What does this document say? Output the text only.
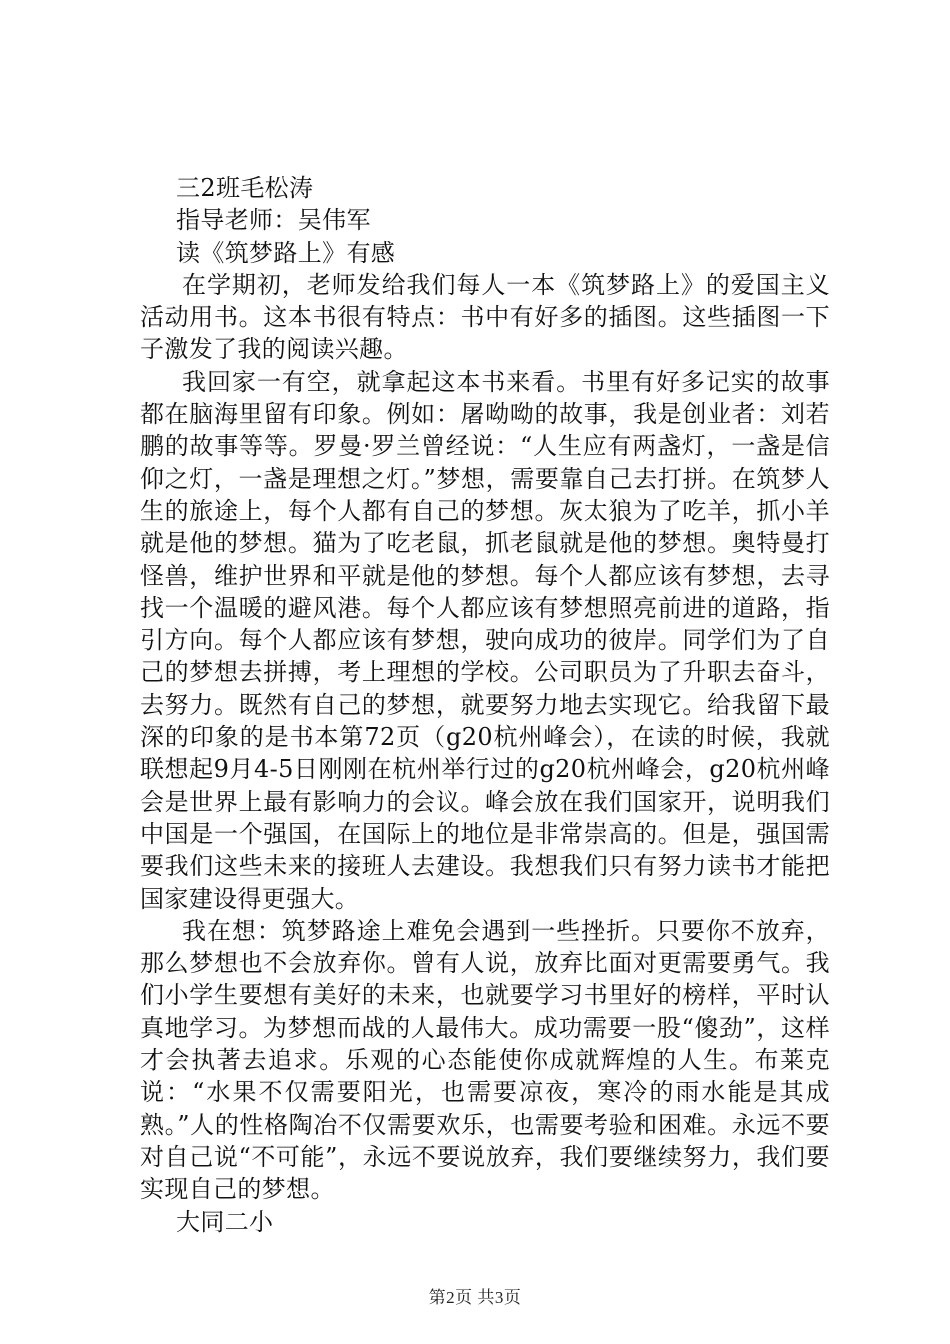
三2班毛松涛

指导老师：吴伟军

读《筑梦路上》有感

在学期初，老师发给我们每人一本《筑梦路上》的爱国主义活动用书。这本书很有特点：书中有好多的插图。这些插图一下子激发了我的阅读兴趣。

我回家一有空，就拿起这本书来看。书里有好多记实的故事都在脑海里留有印象。例如：屠呦呦的故事，我是创业者：刘若鹏的故事等等。罗曼·罗兰曾经说：“人生应有两盏灯，一盏是信仰之灯，一盏是理想之灯。”梦想，需要靠自己去打拼。在筑梦人生的旅途上，每个人都有自己的梦想。灰太狼为了吃羊，抓小羊就是他的梦想。猫为了吃老鼠，抓老鼠就是他的梦想。奥特曼打怪兽，维护世界和平就是他的梦想。每个人都应该有梦想，去寻找一个温暖的避风港。每个人都应该有梦想照亮前进的道路，指引方向。每个人都应该有梦想，驶向成功的彼岸。同学们为了自己的梦想去拼搏，考上理想的学校。公司职员为了升职去奋斗，去努力。既然有自己的梦想，就要努力地去实现它。给我留下最深的印象的是书本第72页（g20杭州峰会），在读的时候，我就联想起9月4-5日刚刚在杭州举行过的g20杭州峰会，g20杭州峰会是世界上最有影响力的会议。峰会放在我们国家开，说明我们中国是一个强国，在国际上的地位是非常崇高的。但是，强国需要我们这些未来的接班人去建设。我想我们只有努力读书才能把国家建设得更强大。

我在想：筑梦路途上难免会遇到一些挫折。只要你不放弃，那么梦想也不会放弃你。曾有人说，放弃比面对更需要勇气。我们小学生要想有美好的未来，也就要学习书里好的榜样，平时认真地学习。为梦想而战的人最伟大。成功需要一股“傻劲”，这样才会执著去追求。乐观的心态能使你成就辉煌的人生。布莱克说：“水果不仅需要阳光，也需要凉夜，寒冷的雨水能是其成熟。”人的性格陶冶不仅需要欢乐，也需要考验和困难。永远不要对自己说“不可能”，永远不要说放弃，我们要继续努力，我们要实现自己的梦想。

大同二小

第2页 共3页
